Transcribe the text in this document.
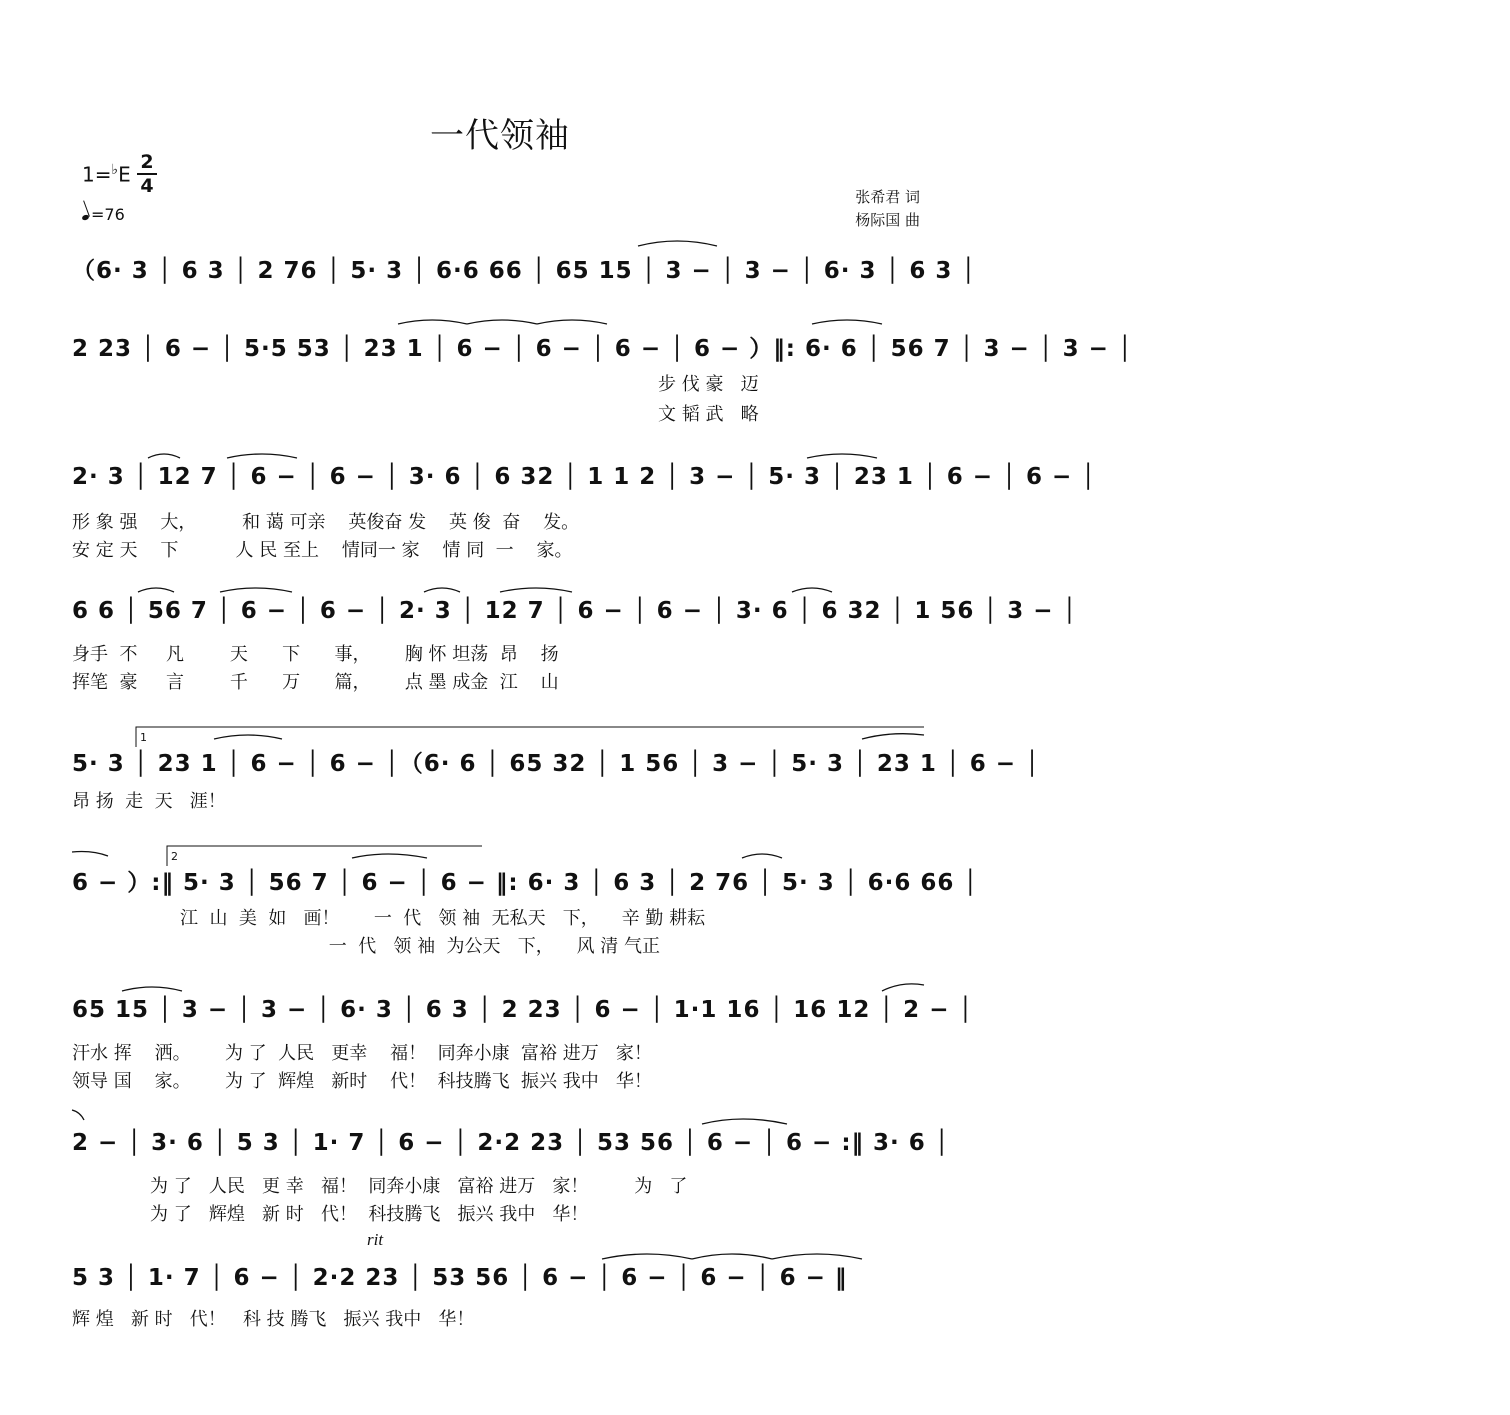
一代领袖
1=♭E
2
4
=76
张希君 词
杨际国 曲
（6· 3 │ 6 3 │ 2 76 │ 5· 3 │ 6·6 66 │ 65 15 │ 3 − │ 3 − │ 6· 3 │ 6 3 │
2 23 │ 6 − │ 5·5 53 │ 23 1 │ 6 − │ 6 − │ 6 − │ 6 − ）‖: 6· 6 │ 56 7 │ 3 − │ 3 − │
步 伐 豪   迈
文 韬 武   略
2· 3 │ 12 7 │ 6 − │ 6 − │ 3· 6 │ 6 32 │ 1 1 2 │ 3 − │ 5· 3 │ 23 1 │ 6 − │ 6 − │
形 象 强    大，        和 蔼 可亲    英俊奋 发    英 俊  奋    发。
安 定 天    下          人 民 至上    情同一 家    情 同  一    家。
6 6 │ 56 7 │ 6 − │ 6 − │ 2· 3 │ 12 7 │ 6 − │ 6 − │ 3· 6 │ 6 32 │ 1 56 │ 3 − │
身手  不     凡        天      下      事，      胸 怀 坦荡  昂    扬
挥笔  豪     言        千      万      篇，      点 墨 成金  江    山
5· 3 │ 23 1 │ 6 − │ 6 − │（6· 6 │ 65 32 │ 1 56 │ 3 − │ 5· 3 │ 23 1 │ 6 − │
昂 扬  走  天   涯！
1
6 − ）:‖ 5· 3 │ 56 7 │ 6 − │ 6 − ‖: 6· 3 │ 6 3 │ 2 76 │ 5· 3 │ 6·6 66 │
江  山  美  如   画！      一  代   领 袖  无私天   下，    辛 勤 耕耘
一  代   领 袖  为公天   下，    风 清 气正
2
65 15 │ 3 − │ 3 − │ 6· 3 │ 6 3 │ 2 23 │ 6 − │ 1·1 16 │ 16 12 │ 2 − │
汗水 挥    洒。      为 了  人民   更幸    福！  同奔小康  富裕 进万   家！
领导 国    家。      为 了  辉煌   新时    代！  科技腾飞  振兴 我中   华！
2 − │ 3· 6 │ 5 3 │ 1· 7 │ 6 − │ 2·2 23 │ 53 56 │ 6 − │ 6 − :‖ 3· 6 │
为 了   人民   更 幸   福！  同奔小康   富裕 进万   家！        为   了
为 了   辉煌   新 时   代！  科技腾飞   振兴 我中   华！
5 3 │ 1· 7 │ 6 − │ 2·2 23 │ 53 56 │ 6 − │ 6 − │ 6 − │ 6 − ‖
辉 煌   新 时   代！   科 技 腾飞   振兴 我中   华！
rit
